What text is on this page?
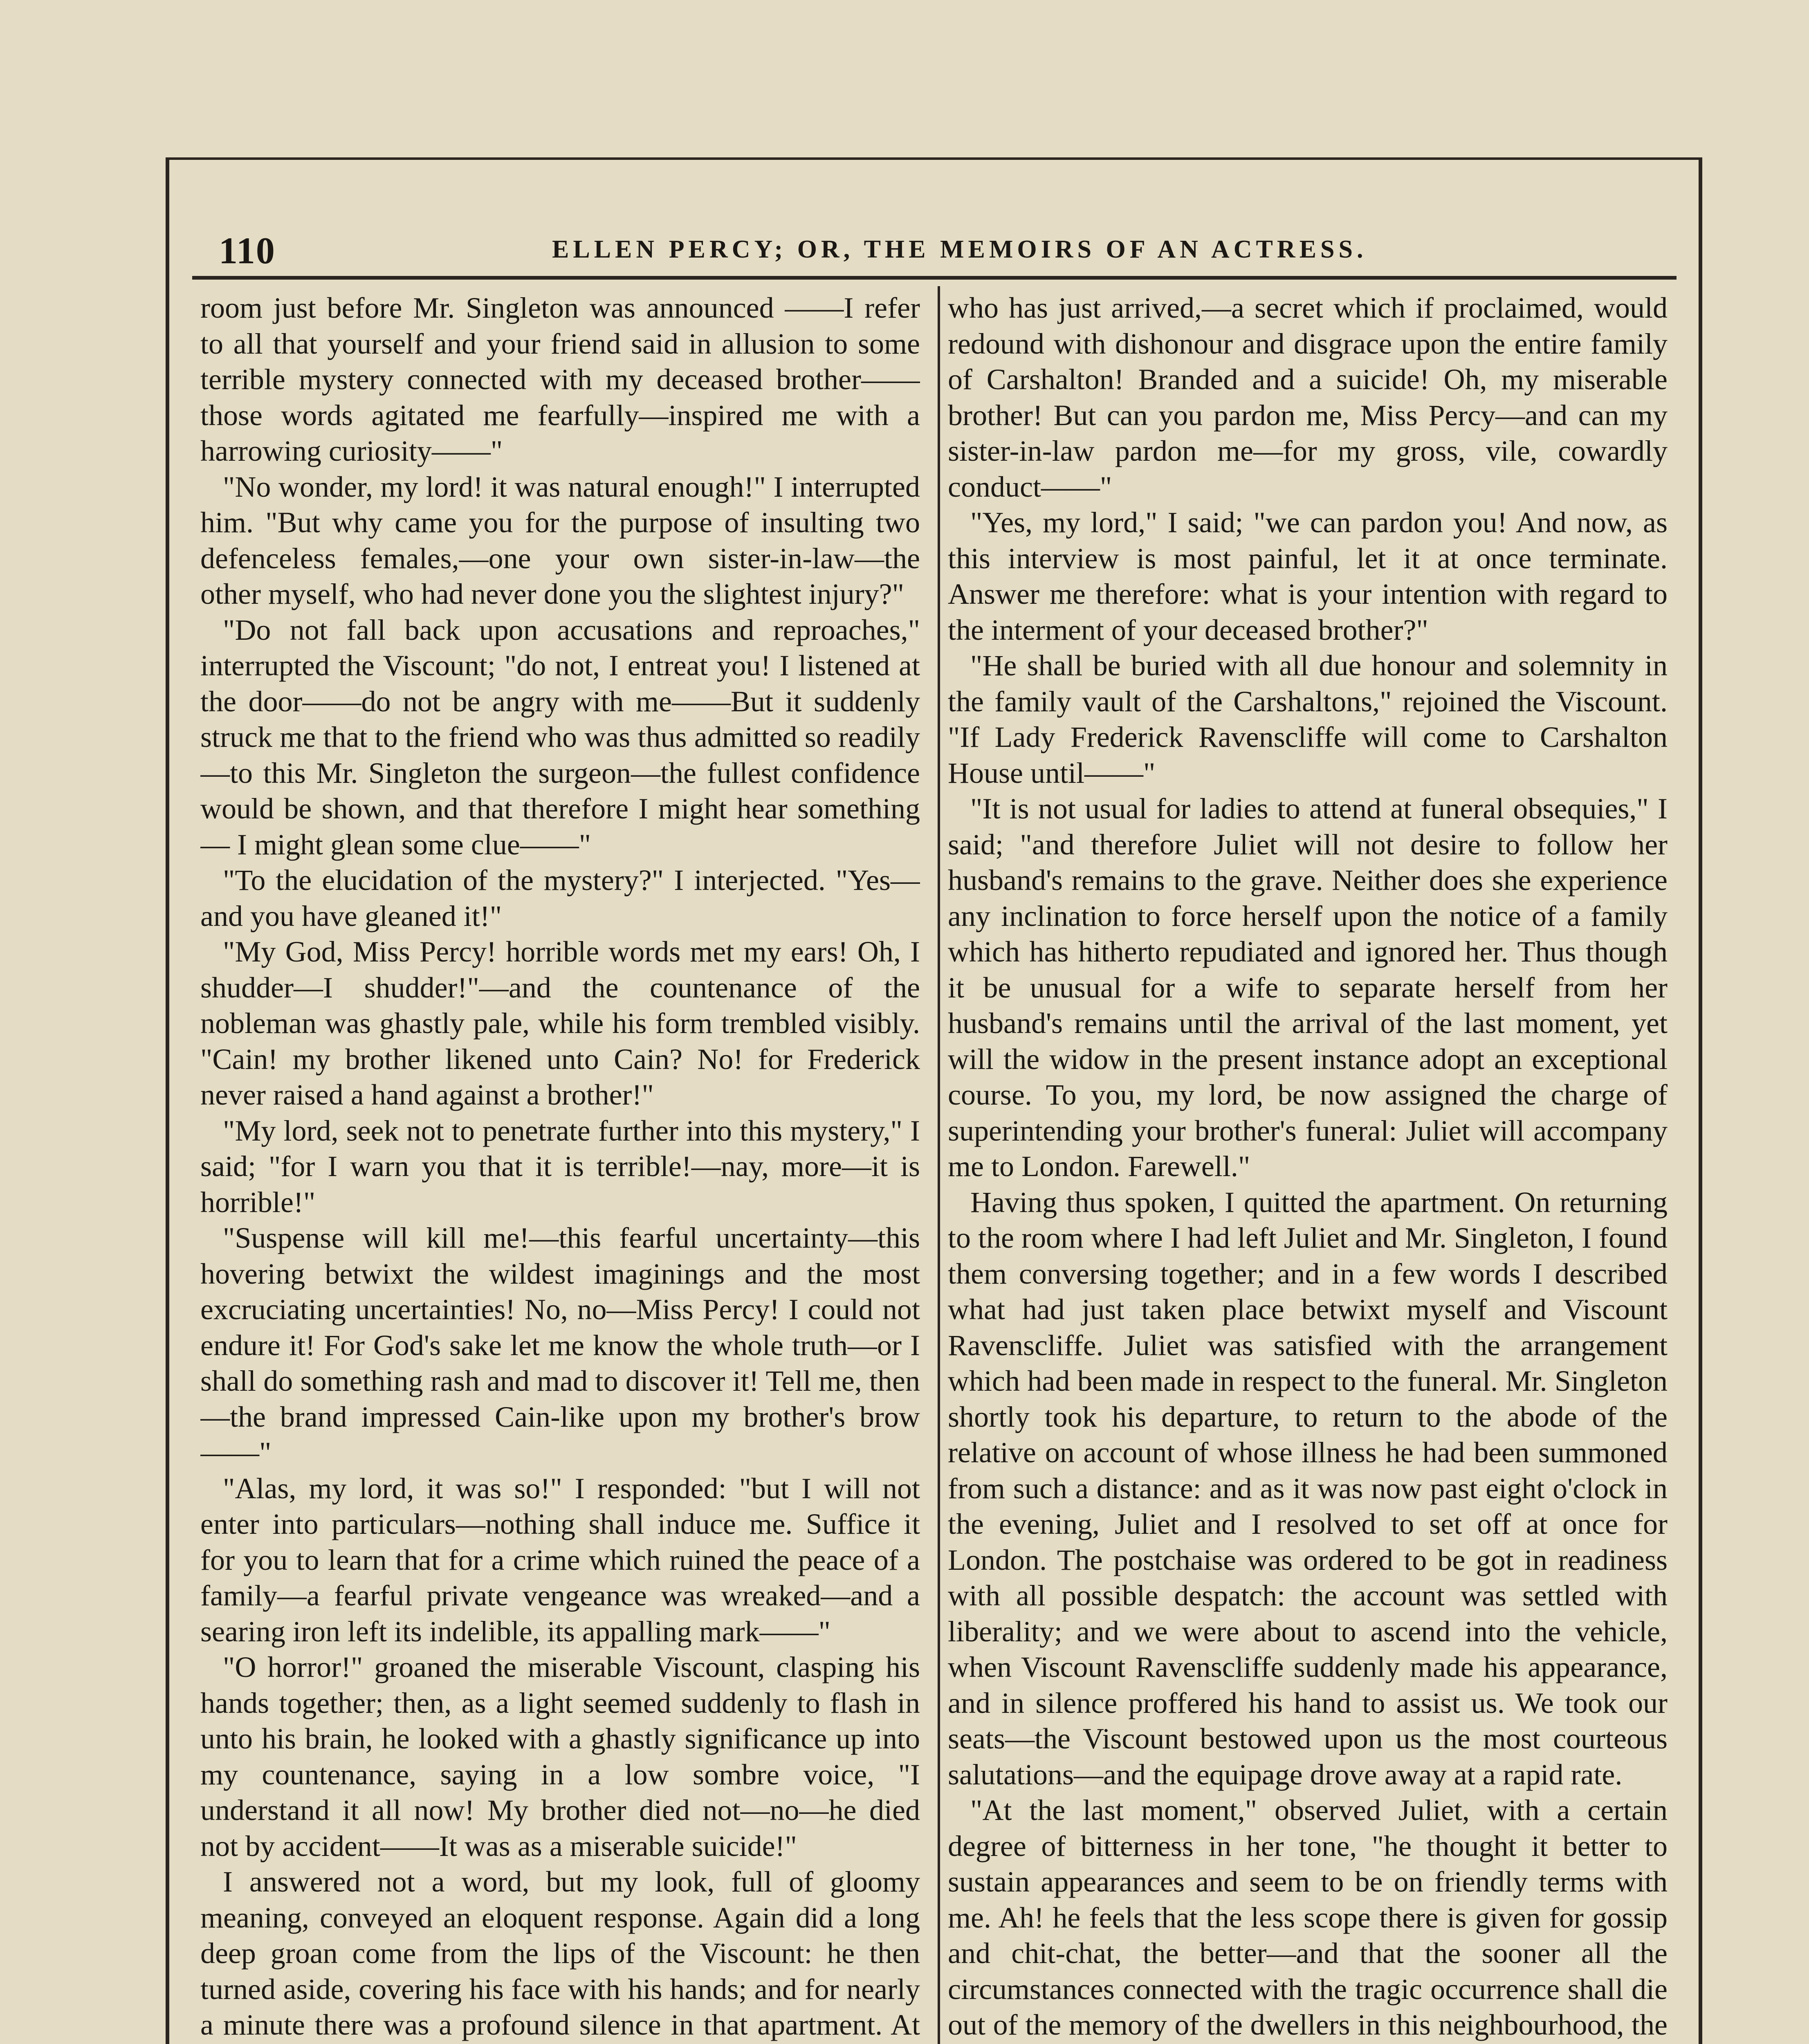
110	ELLEN PERCY; OR, THE MEMOIRS OF AN ACTRESS.

room just before Mr. Singleton was announced ——I refer to all that yourself and your friend said in allusion to some terrible mystery connected with my deceased brother——those words agitated me fearfully—inspired me with a harrowing curiosity——"

"No wonder, my lord! it was natural enough!" I interrupted him. "But why came you for the purpose of insulting two defenceless females,—one your own sister-in-law—the other myself, who had never done you the slightest injury?"

"Do not fall back upon accusations and reproaches," interrupted the Viscount; "do not, I entreat you! I listened at the door——do not be angry with me——But it suddenly struck me that to the friend who was thus admitted so readily—to this Mr. Singleton the surgeon—the fullest confidence would be shown, and that therefore I might hear something — I might glean some clue——"

"To the elucidation of the mystery?" I interjected. "Yes—and you have gleaned it!"

"My God, Miss Percy! horrible words met my ears! Oh, I shudder—I shudder!"—and the countenance of the nobleman was ghastly pale, while his form trembled visibly. "Cain! my brother likened unto Cain? No! for Frederick never raised a hand against a brother!"

"My lord, seek not to penetrate further into this mystery," I said; "for I warn you that it is terrible!—nay, more—it is horrible!"

"Suspense will kill me!—this fearful uncertainty—this hovering betwixt the wildest imaginings and the most excruciating uncertainties! No, no—Miss Percy! I could not endure it! For God's sake let me know the whole truth—or I shall do something rash and mad to discover it! Tell me, then—the brand impressed Cain-like upon my brother's brow——"

"Alas, my lord, it was so!" I responded: "but I will not enter into particulars—nothing shall induce me. Suffice it for you to learn that for a crime which ruined the peace of a family—a fearful private vengeance was wreaked—and a searing iron left its indelible, its appalling mark——"

"O horror!" groaned the miserable Viscount, clasping his hands together; then, as a light seemed suddenly to flash in unto his brain, he looked with a ghastly significance up into my countenance, saying in a low sombre voice, "I understand it all now! My brother died not—no—he died not by accident——It was as a miserable suicide!"

I answered not a word, but my look, full of gloomy meaning, conveyed an eloquent response. Again did a long deep groan come from the lips of the Viscount: he then turned aside, covering his face with his hands; and for nearly a minute there was a profound silence in that apartment. At

who has just arrived,—a secret which if proclaimed, would redound with dishonour and disgrace upon the entire family of Carshalton! Branded and a suicide! Oh, my miserable brother! But can you pardon me, Miss Percy—and can my sister-in-law pardon me—for my gross, vile, cowardly conduct——"

"Yes, my lord," I said; "we can pardon you! And now, as this interview is most painful, let it at once terminate. Answer me therefore: what is your intention with regard to the interment of your deceased brother?"

"He shall be buried with all due honour and solemnity in the family vault of the Carshaltons," rejoined the Viscount. "If Lady Frederick Ravenscliffe will come to Carshalton House until——"

"It is not usual for ladies to attend at funeral obsequies," I said; "and therefore Juliet will not desire to follow her husband's remains to the grave. Neither does she experience any inclination to force herself upon the notice of a family which has hitherto repudiated and ignored her. Thus though it be unusual for a wife to separate herself from her husband's remains until the arrival of the last moment, yet will the widow in the present instance adopt an exceptional course. To you, my lord, be now assigned the charge of superintending your brother's funeral: Juliet will accompany me to London. Farewell."

Having thus spoken, I quitted the apartment. On returning to the room where I had left Juliet and Mr. Singleton, I found them conversing together; and in a few words I described what had just taken place betwixt myself and Viscount Ravenscliffe. Juliet was satisfied with the arrangement which had been made in respect to the funeral. Mr. Singleton shortly took his departure, to return to the abode of the relative on account of whose illness he had been summoned from such a distance: and as it was now past eight o'clock in the evening, Juliet and I resolved to set off at once for London. The postchaise was ordered to be got in readiness with all possible despatch: the account was settled with liberality; and we were about to ascend into the vehicle, when Viscount Ravenscliffe suddenly made his appearance, and in silence proffered his hand to assist us. We took our seats—the Viscount bestowed upon us the most courteous salutations—and the equipage drove away at a rapid rate.

"At the last moment," observed Juliet, with a certain degree of bitterness in her tone, "he thought it better to sustain appearances and seem to be on friendly terms with me. Ah! he feels that the less scope there is given for gossip and chit-chat, the better—and that the sooner all the circumstances connected with the tragic occurrence shall die out of the memory of the dwellers in this neighbourhood, the
